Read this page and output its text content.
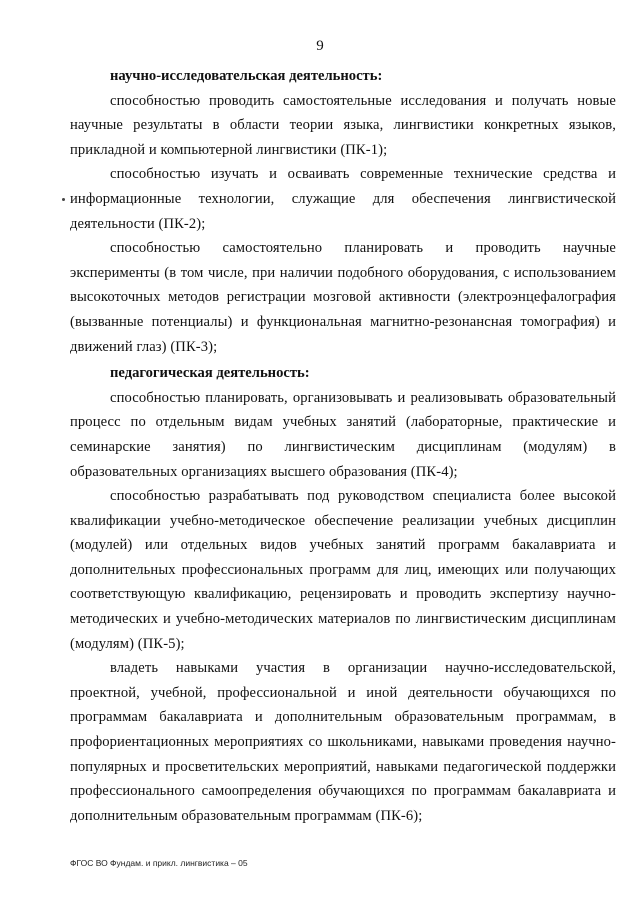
9
научно-исследовательская деятельность:

способностью проводить самостоятельные исследования и получать новые научные результаты в области теории языка, лингвистики конкретных языков, прикладной и компьютерной лингвистики (ПК-1);

способностью изучать и осваивать современные технические средства и информационные технологии, служащие для обеспечения лингвистической деятельности (ПК-2);

способностью самостоятельно планировать и проводить научные эксперименты (в том числе, при наличии подобного оборудования, с использованием высокоточных методов регистрации мозговой активности (электроэнцефалография (вызванные потенциалы) и функциональная магнитно-резонансная томография) и движений глаз) (ПК-3);

педагогическая деятельность:

способностью планировать, организовывать и реализовывать образовательный процесс по отдельным видам учебных занятий (лабораторные, практические и семинарские занятия) по лингвистическим дисциплинам (модулям) в образовательных организациях высшего образования (ПК-4);

способностью разрабатывать под руководством специалиста более высокой квалификации учебно-методическое обеспечение реализации учебных дисциплин (модулей) или отдельных видов учебных занятий программ бакалавриата и дополнительных профессиональных программ для лиц, имеющих или получающих соответствующую квалификацию, рецензировать и проводить экспертизу научно-методических и учебно-методических материалов по лингвистическим дисциплинам (модулям) (ПК-5);

владеть навыками участия в организации научно-исследовательской, проектной, учебной, профессиональной и иной деятельности обучающихся по программам бакалавриата и дополнительным образовательным программам, в профориентационных мероприятиях со школьниками, навыками проведения научно-популярных и просветительских мероприятий, навыками педагогической поддержки профессионального самоопределения обучающихся по программам бакалавриата и дополнительным образовательным программам (ПК-6);

ФГОС ВО Фундам. и прикл. лингвистика – 05
